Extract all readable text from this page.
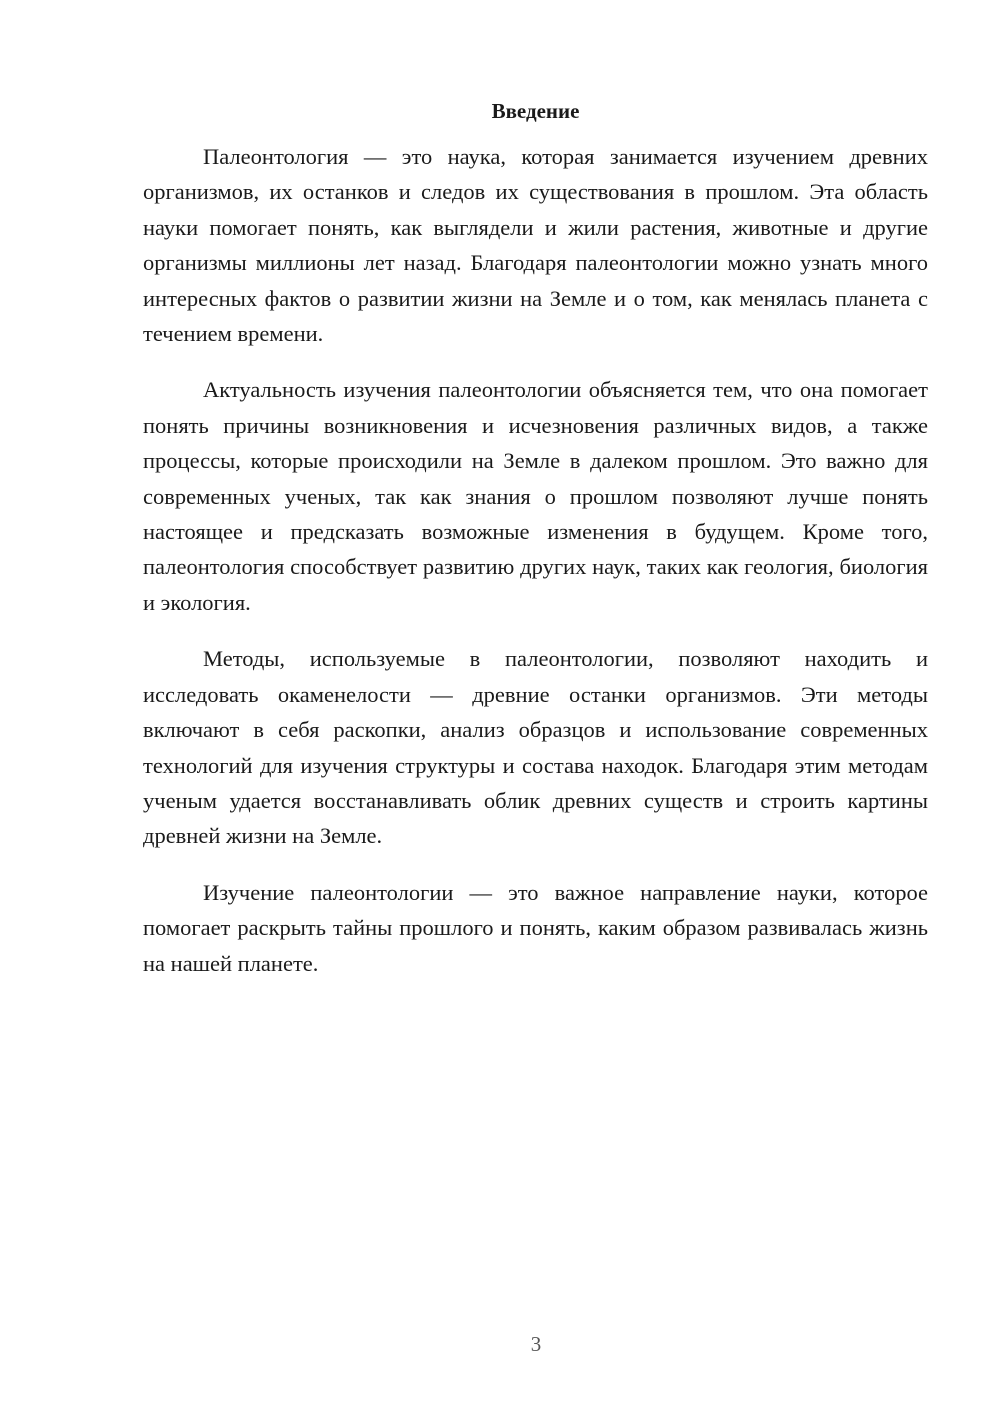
Введение

Палеонтология — это наука, которая занимается изучением древних организмов, их останков и следов их существования в прошлом. Эта область науки помогает понять, как выглядели и жили растения, животные и другие организмы миллионы лет назад. Благодаря палеонтологии можно узнать много интересных фактов о развитии жизни на Земле и о том, как менялась планета с течением времени.

Актуальность изучения палеонтологии объясняется тем, что она помогает понять причины возникновения и исчезновения различных видов, а также процессы, которые происходили на Земле в далеком прошлом. Это важно для современных ученых, так как знания о прошлом позволяют лучше понять настоящее и предсказать возможные изменения в будущем. Кроме того, палеонтология способствует развитию других наук, таких как геология, биология и экология.

Методы, используемые в палеонтологии, позволяют находить и исследовать окаменелости — древние останки организмов. Эти методы включают в себя раскопки, анализ образцов и использование современных технологий для изучения структуры и состава находок. Благодаря этим методам ученым удается восстанавливать облик древних существ и строить картины древней жизни на Земле.

Изучение палеонтологии — это важное направление науки, которое помогает раскрыть тайны прошлого и понять, каким образом развивалась жизнь на нашей планете.

3
